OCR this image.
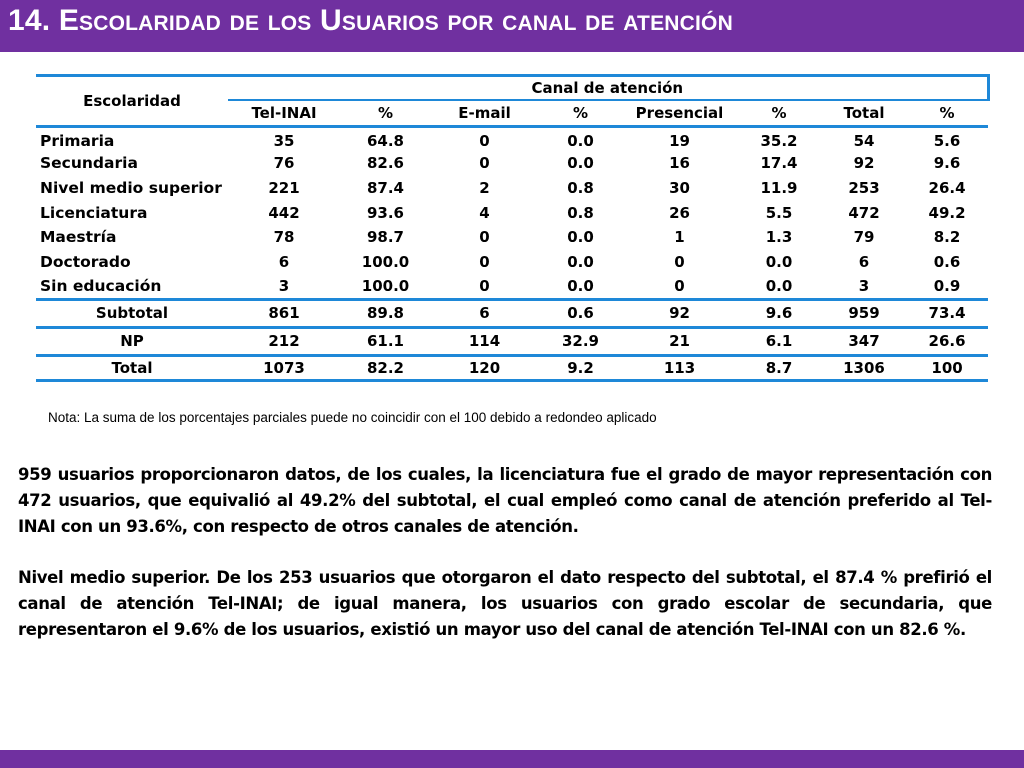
14. Escolaridad de los Usuarios por canal de atención
Escolaridad	Canal de atención							
	Tel-INAI	%	E-mail	%	Presencial	%	Total	%
Primaria	35	64.8	0	0.0	19	35.2	54	5.6
Secundaria	76	82.6	0	0.0	16	17.4	92	9.6
Nivel medio superior	221	87.4	2	0.8	30	11.9	253	26.4
Licenciatura	442	93.6	4	0.8	26	5.5	472	49.2
Maestría	78	98.7	0	0.0	1	1.3	79	8.2
Doctorado	6	100.0	0	0.0	0	0.0	6	0.6
Sin educación	3	100.0	0	0.0	0	0.0	3	0.9
Subtotal	861	89.8	6	0.6	92	9.6	959	73.4
NP	212	61.1	114	32.9	21	6.1	347	26.6
Total	1073	82.2	120	9.2	113	8.7	1306	100
Nota: La suma de los porcentajes parciales puede no coincidir con el 100 debido a redondeo aplicado

959 usuarios proporcionaron datos, de los cuales, la licenciatura fue el grado de mayor representación con 472 usuarios, que equivalió al 49.2% del subtotal, el cual empleó como canal de atención preferido al Tel-INAI con un 93.6%, con respecto de otros canales de atención.

Nivel medio superior. De los 253 usuarios que otorgaron el dato respecto del subtotal, el 87.4 % prefirió el canal de atención Tel-INAI; de igual manera, los usuarios con grado escolar de secundaria, que representaron el 9.6% de los usuarios, existió un mayor uso del canal de atención Tel-INAI con un 82.6 %.
